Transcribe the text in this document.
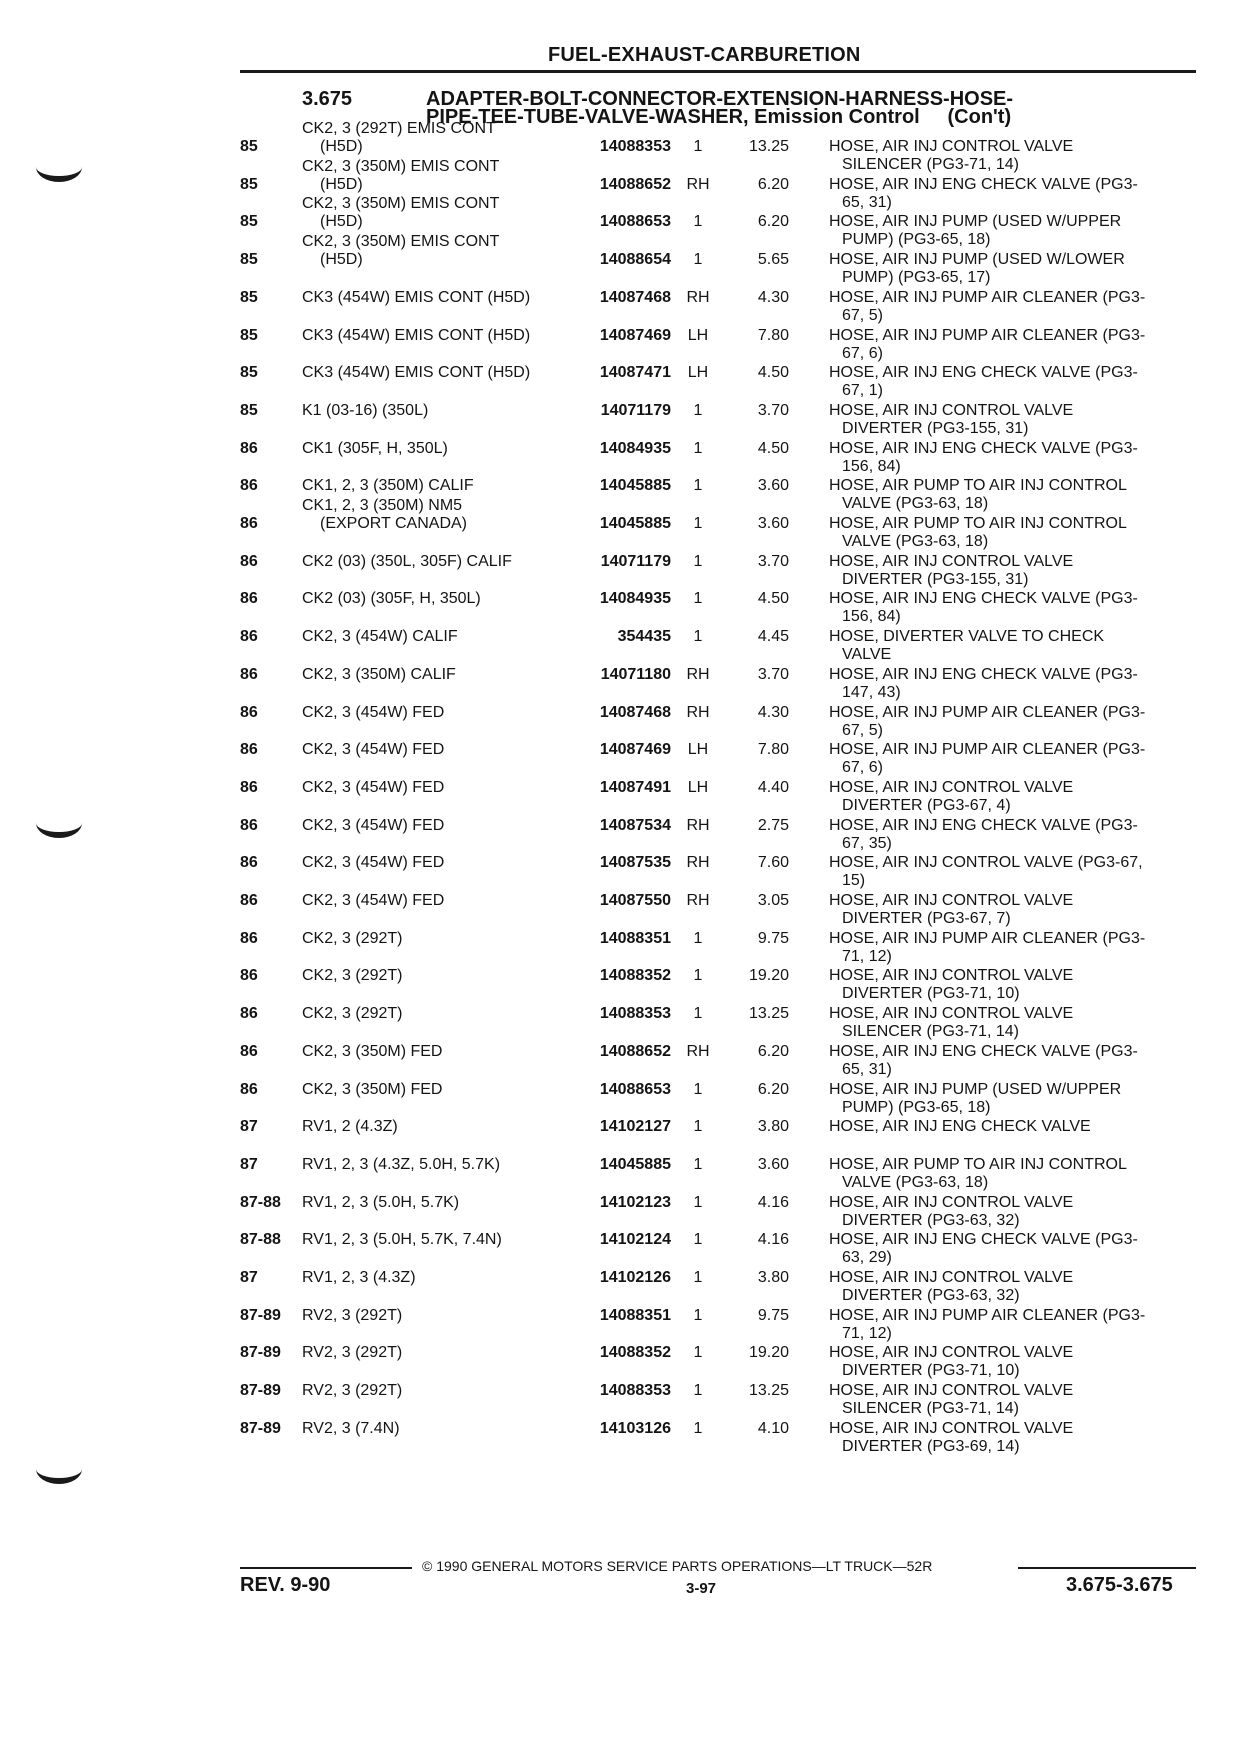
FUEL-EXHAUST-CARBURETION
3.675	ADAPTER-BOLT-CONNECTOR-EXTENSION-HARNESS-HOSE-
PIPE-TEE-TUBE-VALVE-WASHER, Emission Control     (Con't)
85
CK2, 3 (292T) EMIS CONT
(H5D)	14088353	1	13.25	HOSE, AIR INJ CONTROL VALVE
SILENCER (PG3-71, 14)
85
CK2, 3 (350M) EMIS CONT
(H5D)	14088652 RH	6.20	HOSE, AIR INJ ENG CHECK VALVE (PG3-
65, 31)
85
CK2, 3 (350M) EMIS CONT
(H5D)	14088653	1	6.20	HOSE, AIR INJ PUMP (USED W/UPPER
PUMP) (PG3-65, 18)
85
CK2, 3 (350M) EMIS CONT
(H5D)	14088654	1	5.65	HOSE, AIR INJ PUMP (USED W/LOWER
PUMP) (PG3-65, 17)
85	CK3 (454W) EMIS CONT (H5D)	14087468 RH	4.30	HOSE, AIR INJ PUMP AIR CLEANER (PG3-
67, 5)
85	CK3 (454W) EMIS CONT (H5D)	14087469	LH	7.80	HOSE, AIR INJ PUMP AIR CLEANER (PG3-
67, 6)
85	CK3 (454W) EMIS CONT (H5D)	14087471	LH	4.50	HOSE, AIR INJ ENG CHECK VALVE (PG3-
67, 1)
85	K1 (03-16) (350L)	14071179	1	3.70	HOSE, AIR INJ CONTROL VALVE
DIVERTER (PG3-155, 31)
86	CK1 (305F, H, 350L)	14084935	1	4.50	HOSE, AIR INJ ENG CHECK VALVE (PG3-
156, 84)
86	CK1, 2, 3 (350M) CALIF	14045885	1	3.60	HOSE, AIR PUMP TO AIR INJ CONTROL
VALVE (PG3-63, 18)
86
CK1, 2, 3 (350M) NM5
(EXPORT CANADA)	14045885	1	3.60	HOSE, AIR PUMP TO AIR INJ CONTROL
VALVE (PG3-63, 18)
86	CK2 (03) (350L, 305F) CALIF	14071179	1	3.70	HOSE, AIR INJ CONTROL VALVE
DIVERTER (PG3-155, 31)
86	CK2 (03) (305F, H, 350L)	14084935	1	4.50	HOSE, AIR INJ ENG CHECK VALVE (PG3-
156, 84)
86	CK2, 3 (454W) CALIF	354435	1	4.45	HOSE, DIVERTER VALVE TO CHECK
VALVE
86	CK2, 3 (350M) CALIF	14071180 RH	3.70	HOSE, AIR INJ ENG CHECK VALVE (PG3-
147, 43)
86	CK2, 3 (454W) FED	14087468 RH	4.30	HOSE, AIR INJ PUMP AIR CLEANER (PG3-
67, 5)
86	CK2, 3 (454W) FED	14087469	LH	7.80	HOSE, AIR INJ PUMP AIR CLEANER (PG3-
67, 6)
86	CK2, 3 (454W) FED	14087491	LH	4.40	HOSE, AIR INJ CONTROL VALVE
DIVERTER (PG3-67, 4)
86	CK2, 3 (454W) FED	14087534 RH	2.75	HOSE, AIR INJ ENG CHECK VALVE (PG3-
67, 35)
86	CK2, 3 (454W) FED	14087535 RH	7.60	HOSE, AIR INJ CONTROL VALVE (PG3-67,
15)
86	CK2, 3 (454W) FED	14087550 RH	3.05	HOSE, AIR INJ CONTROL VALVE
DIVERTER (PG3-67, 7)
86	CK2, 3 (292T)	14088351	1	9.75	HOSE, AIR INJ PUMP AIR CLEANER (PG3-
71, 12)
86	CK2, 3 (292T)	14088352	1	19.20	HOSE, AIR INJ CONTROL VALVE
DIVERTER (PG3-71, 10)
86	CK2, 3 (292T)	14088353	1	13.25	HOSE, AIR INJ CONTROL VALVE
SILENCER (PG3-71, 14)
86	CK2, 3 (350M) FED	14088652 RH	6.20	HOSE, AIR INJ ENG CHECK VALVE (PG3-
65, 31)
86	CK2, 3 (350M) FED	14088653	1	6.20	HOSE, AIR INJ PUMP (USED W/UPPER
PUMP) (PG3-65, 18)
87	RV1, 2 (4.3Z)	14102127	1	3.80	HOSE, AIR INJ ENG CHECK VALVE
87	RV1, 2, 3 (4.3Z, 5.0H, 5.7K)	14045885	1	3.60	HOSE, AIR PUMP TO AIR INJ CONTROL
VALVE (PG3-63, 18)
87-88 RV1, 2, 3 (5.0H, 5.7K)	14102123	1	4.16	HOSE, AIR INJ CONTROL VALVE
DIVERTER (PG3-63, 32)
87-88 RV1, 2, 3 (5.0H, 5.7K, 7.4N)	14102124	1	4.16	HOSE, AIR INJ ENG CHECK VALVE (PG3-
63, 29)
87	RV1, 2, 3 (4.3Z)	14102126	1	3.80	HOSE, AIR INJ CONTROL VALVE
DIVERTER (PG3-63, 32)
87-89 RV2, 3 (292T)	14088351	1	9.75	HOSE, AIR INJ PUMP AIR CLEANER (PG3-
71, 12)
87-89 RV2, 3 (292T)	14088352	1	19.20	HOSE, AIR INJ CONTROL VALVE
DIVERTER (PG3-71, 10)
87-89 RV2, 3 (292T)	14088353	1	13.25	HOSE, AIR INJ CONTROL VALVE
SILENCER (PG3-71, 14)
87-89 RV2, 3 (7.4N)	14103126	1	4.10	HOSE, AIR INJ CONTROL VALVE
DIVERTER (PG3-69, 14)
© 1990 GENERAL MOTORS SERVICE PARTS OPERATIONS—LT TRUCK—52R
REV. 9-90	3-97	3.675-3.675
